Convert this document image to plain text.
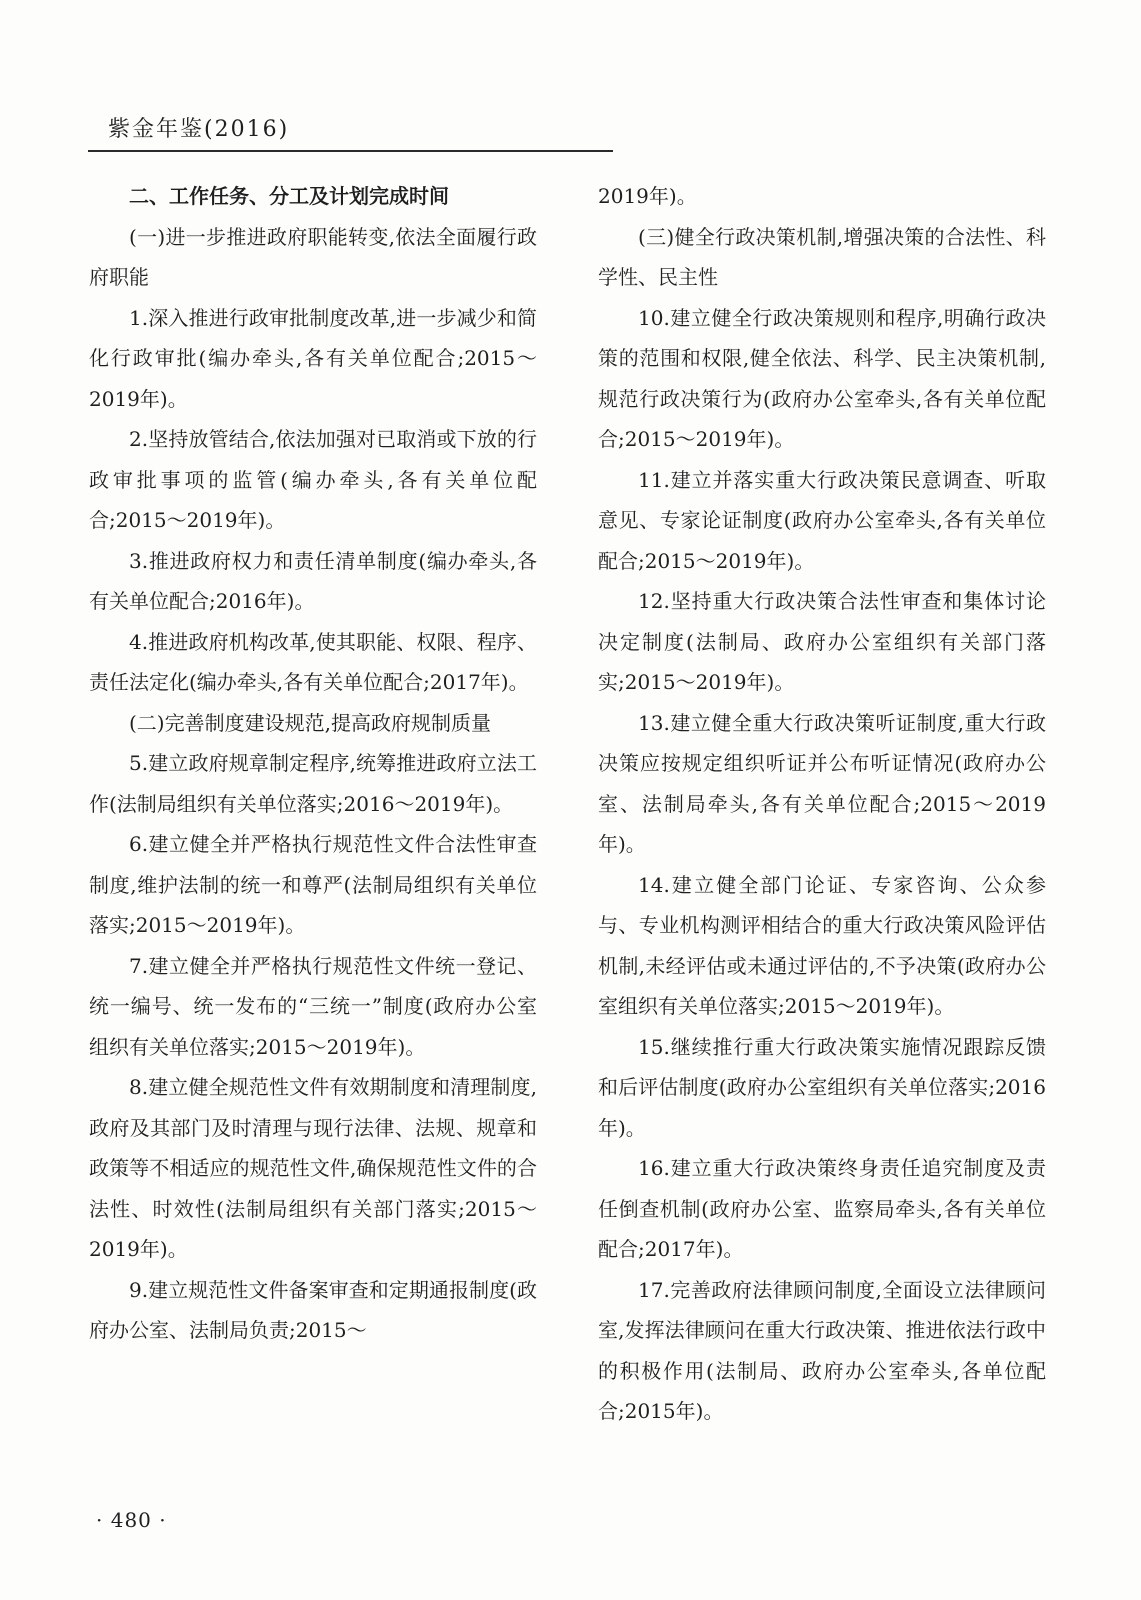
紫金年鉴(2016)

二、工作任务、分工及计划完成时间

(一)进一步推进政府职能转变,依法全面履行政府职能

1.深入推进行政审批制度改革,进一步减少和简化行政审批(编办牵头,各有关单位配合;2015～2019年)。

2.坚持放管结合,依法加强对已取消或下放的行政审批事项的监管(编办牵头,各有关单位配合;2015～2019年)。

3.推进政府权力和责任清单制度(编办牵头,各有关单位配合;2016年)。

4.推进政府机构改革,使其职能、权限、程序、责任法定化(编办牵头,各有关单位配合;2017年)。

(二)完善制度建设规范,提高政府规制质量

5.建立政府规章制定程序,统筹推进政府立法工作(法制局组织有关单位落实;2016～2019年)。

6.建立健全并严格执行规范性文件合法性审查制度,维护法制的统一和尊严(法制局组织有关单位落实;2015～2019年)。

7.建立健全并严格执行规范性文件统一登记、统一编号、统一发布的“三统一”制度(政府办公室组织有关单位落实;2015～2019年)。

8.建立健全规范性文件有效期制度和清理制度,政府及其部门及时清理与现行法律、法规、规章和政策等不相适应的规范性文件,确保规范性文件的合法性、时效性(法制局组织有关部门落实;2015～2019年)。

9.建立规范性文件备案审查和定期通报制度(政府办公室、法制局负责;2015～

2019年)。

(三)健全行政决策机制,增强决策的合法性、科学性、民主性

10.建立健全行政决策规则和程序,明确行政决策的范围和权限,健全依法、科学、民主决策机制,规范行政决策行为(政府办公室牵头,各有关单位配合;2015～2019年)。

11.建立并落实重大行政决策民意调查、听取意见、专家论证制度(政府办公室牵头,各有关单位配合;2015～2019年)。

12.坚持重大行政决策合法性审查和集体讨论决定制度(法制局、政府办公室组织有关部门落实;2015～2019年)。

13.建立健全重大行政决策听证制度,重大行政决策应按规定组织听证并公布听证情况(政府办公室、法制局牵头,各有关单位配合;2015～2019年)。

14.建立健全部门论证、专家咨询、公众参与、专业机构测评相结合的重大行政决策风险评估机制,未经评估或未通过评估的,不予决策(政府办公室组织有关单位落实;2015～2019年)。

15.继续推行重大行政决策实施情况跟踪反馈和后评估制度(政府办公室组织有关单位落实;2016年)。

16.建立重大行政决策终身责任追究制度及责任倒查机制(政府办公室、监察局牵头,各有关单位配合;2017年)。

17.完善政府法律顾问制度,全面设立法律顾问室,发挥法律顾问在重大行政决策、推进依法行政中的积极作用(法制局、政府办公室牵头,各单位配合;2015年)。

· 480 ·
